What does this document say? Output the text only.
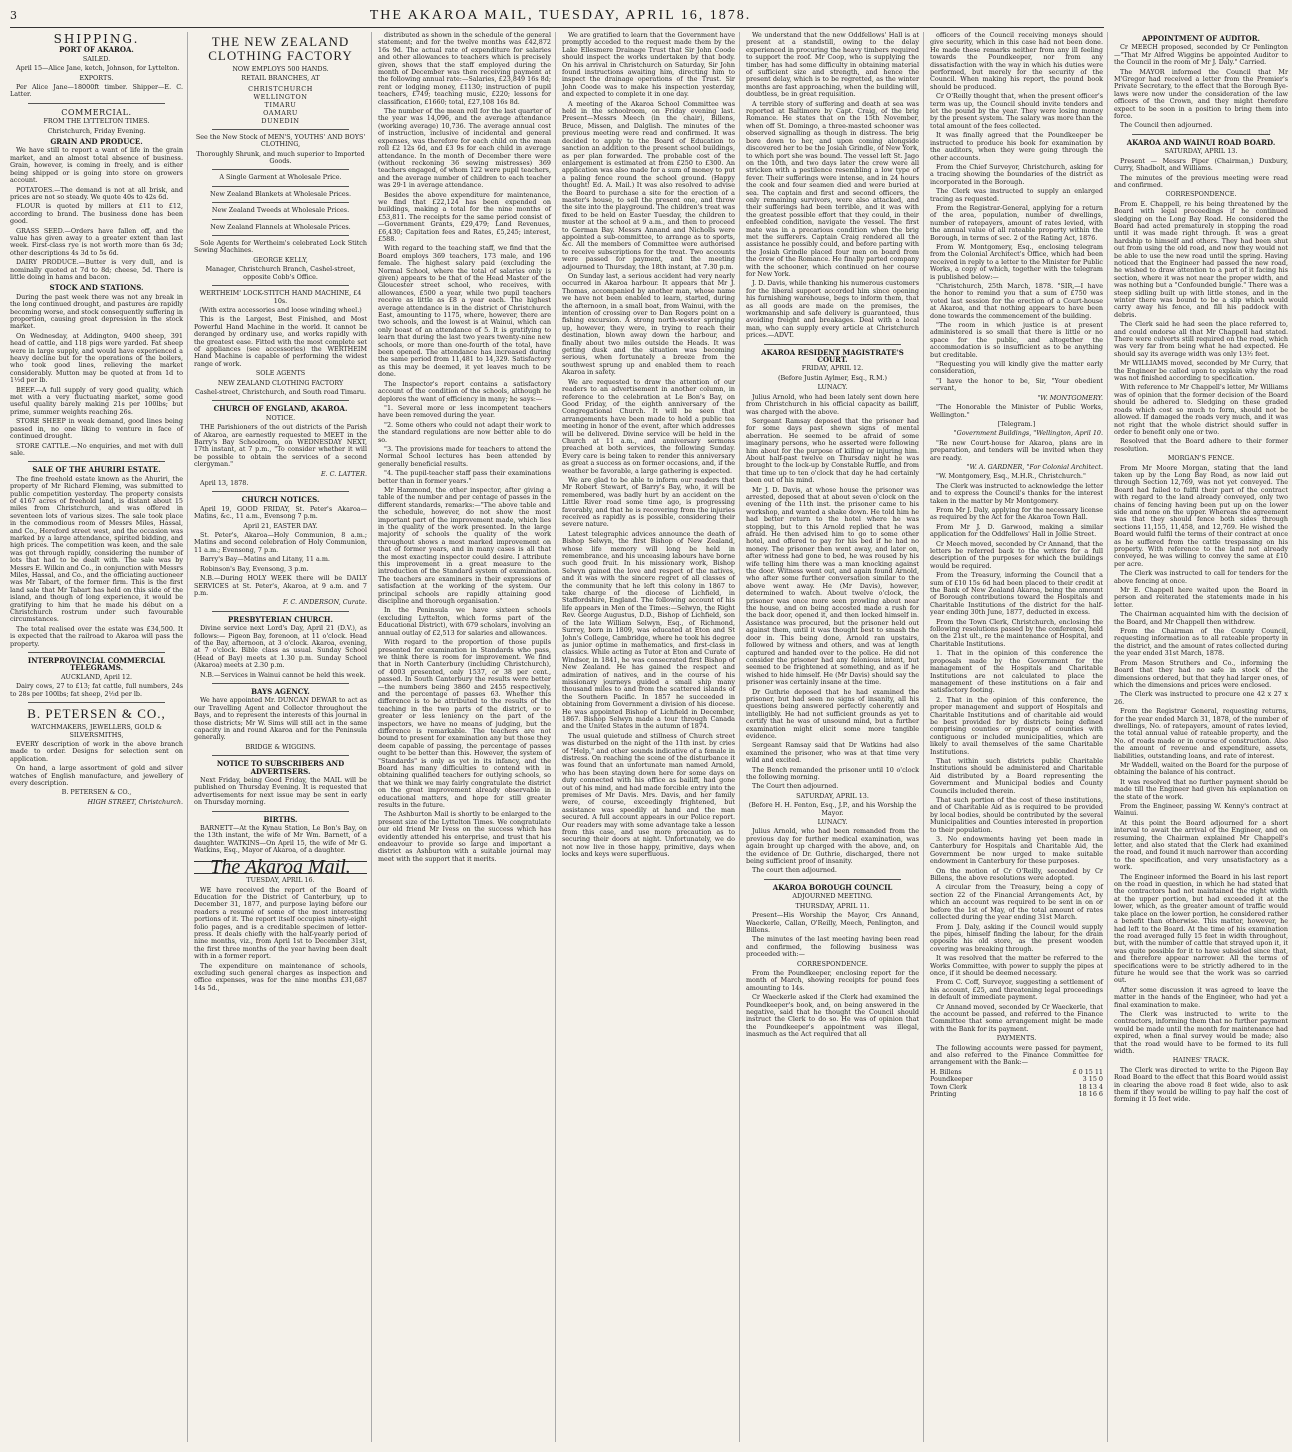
3	THE AKAROA MAIL, TUESDAY, APRIL 16, 1878.
SHIPPING.
PORT OF AKAROA.

SAILED.

April 15—Alice Jane, ketch, Johnson, for Lyttelton.

EXPORTS.

Per Alice Jane—18000ft timber. Shipper—E. C. Latter.

COMMERCIAL.

FROM THE LYTTELTON TIMES.

Christchurch, Friday Evening.

GRAIN AND PRODUCE.

We have still to report a want of life in the grain market, and an almost total absence of business. Grain, however, is coming in freely, and is either being shipped or is going into store on growers account.

POTATOES.—The demand is not at all brisk, and prices are not so steady. We quote 40s to 42s 6d.

FLOUR is quoted by millers at £11 to £12, according to brand. The business done has been good.

GRASS SEED.—Orders have fallen off, and the value has given away to a greater extent than last week. First-class rye is not worth more than 6s 3d; other descriptions 4s 3d to 5s 6d.

DAIRY PRODUCE.—Butter is very dull, and is nominally quoted at 7d to 8d; cheese, 5d. There is little doing in hams and bacon.

STOCK AND STATIONS.

During the past week there was not any break in the long continued drought, and pastures are rapidly becoming worse, and stock consequently suffering in proportion, causing great depression in the stock market.

On Wednesday, at Addington, 9400 sheep, 391 head of cattle, and 118 pigs were yarded. Fat sheep were in large supply, and would have experienced a heavy decline but for the operations of the boilers, who took good lines, relieving the market considerably. Mutton may be quoted at from 1d to 1½d per lb.

BEEF.—A full supply of very good quality, which met with a very fluctuating market, some good useful quality barely making 21s per 100lbs; but prime, summer weights reaching 26s.

STORE SHEEP in weak demand, good lines being passed in, no one liking to venture in face of continued drought.

STORE CATTLE.—No enquiries, and met with dull sale.

SALE OF THE AHURIRI ESTATE.

The fine freehold estate known as the Ahuriri, the property of Mr Richard Fleming, was submitted to public competition yesterday. The property consists of 4167 acres of freehold land, is distant about 15 miles from Christchurch, and was offered in seventeen lots of various sizes. The sale took place in the commodious room of Messrs Miles, Hassal, and Co., Hereford street west, and the occasion was marked by a large attendance, spirited bidding, and high prices. The competition was keen, and the sale was got through rapidly, considering the number of lots that had to be dealt with. The sale was by Messrs E. Wilkin and Co., in conjunction with Messrs Miles, Hassal, and Co., and the officiating auctioneer was Mr Tabart, of the former firm. This is the first land sale that Mr Tabart has held on this side of the island, and though of long experience, it would be gratifying to him that he made his début on a Christchurch rostrum under such favourable circumstances.

The total realised over the estate was £34,500. It is expected that the railroad to Akaroa will pass the property.

INTERPROVINCIAL COMMERCIAL TELEGRAMS.

AUCKLAND, April 12.

Dairy cows, 27 to £13; fat cattle, full numbers, 24s to 28s per 100lbs; fat sheep, 2½d per lb.

B. PETERSEN & CO.,

WATCHMAKERS, JEWELLERS, GOLD & SILVERSMITHS,

EVERY description of work in the above branch made to order. Designs for selection sent on application.

On hand, a large assortment of gold and silver watches of English manufacture, and jewellery of every description.

B. PETERSEN & CO.,

HIGH STREET, Christchurch.

THE NEW ZEALAND CLOTHING FACTORY

NOW EMPLOYS 500 HANDS.

RETAIL BRANCHES, AT

CHRISTCHURCH
WELLINGTON
TIMARU
OAMARU
DUNEDIN

See the New Stock of MEN'S, YOUTHS' AND BOYS' CLOTHING,

Thoroughly Shrunk, and much superior to Imported Goods.

A Single Garment at Wholesale Price.

New Zealand Blankets at Wholesale Prices.

New Zealand Tweeds at Wholesale Prices.

New Zealand Flannels at Wholesale Prices.

Sole Agents for Wertheim's celebrated Lock Stitch Sewing Machines.

GEORGE KELLY,

Manager, Christchurch Branch, Cashel-street, opposite Cobb's Office.

WERTHEIM' LOCK-STITCH HAND MACHINE, £4 10s.

(With extra accessories and loose winding wheel.)

This is the Largest, Best Finished, and Most Powerful Hand Machine in the world. It cannot be deranged by ordinary use, and works rapidly with the greatest ease. Fitted with the most complete set of appliances (see accessories) the WERTHEIM Hand Machine is capable of performing the widest range of work.

SOLE AGENTS

NEW ZEALAND CLOTHING FACTORY

Cashel-street, Christchurch, and South road Timaru.

CHURCH OF ENGLAND, AKAROA.

NOTICE.

THE Parishioners of the out districts of the Parish of Akaroa, are earnestly requested to MEET in the Barry's Bay Schoolroom, on WEDNESDAY NEXT, 17th instant, at 7 p.m., "To consider whether it will be possible to obtain the services of a second clergyman."

E. C. LATTER.

April 13, 1878.

CHURCH NOTICES.

April 19, GOOD FRIDAY, St. Peter's Akaroa—Matins, &c., 11 a.m., Evensong 7 p.m.

April 21, EASTER DAY.

St. Peter's, Akaroa—Holy Communion, 8 a.m.; Matins and second celebration of Holy Communion, 11 a.m.; Evensong, 7 p.m.

Barry's Bay—Matins and Litany, 11 a.m.

Robinson's Bay, Evensong, 3 p.m.

N.B.—During HOLY WEEK there will be DAILY SERVICES at St. Peter's, Akaroa, at 9 a.m. and 7 p.m.

F. C. ANDERSON, Curate.

PRESBYTERIAN CHURCH.

Divine service next Lord's Day, April 21 (D.V.), as follows:— Pigeon Bay, forenoon, at 11 o'clock. Head of the Bay, afternoon, at 3 o'clock. Akaroa, evening, at 7 o'clock. Bible class as usual. Sunday School (Head of Bay) meets at 1.30 p.m. Sunday School (Akaroa) meets at 2.30 p.m.

N.B.—Services in Wainui cannot be held this week.

BAYS AGENCY.

We have appointed Mr. DUNCAN DEWAR to act as our Travelling Agent and Collector throughout the Bays, and to represent the interests of this journal in those districts; Mr W. Sims will still act in the same capacity in and round Akaroa and for the Peninsula generally.

BRIDGE & WIGGINS.

NOTICE TO SUBSCRIBERS AND ADVERTISERS.

Next Friday, being Good Friday, the MAIL will be published on Thursday Evening. It is requested that advertisements for next issue may be sent in early on Thursday morning.

BIRTHS.

BARNETT—At the Kynau Station, Le Bon's Bay, on the 13th instant, the wife of Mr Wm. Barnett, of a daughter. WATKINS—On April 15, the wife of Mr G. Watkins, Esq., Mayor of Akaroa, of a daughter.

The Akaroa Mail.

TUESDAY, APRIL 16.

WE have received the report of the Board of Education for the District of Canterbury, up to December 31, 1877, and purpose laying before our readers a resumé of some of the most interesting portions of it. The report itself occupies ninety-eight folio pages, and is a creditable specimen of letter-press. It deals chiefly with the half-yearly period of nine months, viz., from April 1st to December 31st, the first three months of the year having been dealt with in a former report.

The expenditure on maintenance of schools, excluding such general charges as inspection and office expenses, was for the nine months £31,687 14s 5d.,

distributed as shown in the schedule of the general statement; and for the twelve months was £42,872 16s 9d. The actual rate of expenditure for salaries and other allowances to teachers which is precisely given, shows that the staff employed during the month of December was then receiving payment at the following annual rate:—Salaries, £23,849 16s 8d; rent or lodging money, £1130; instruction of pupil teachers, £749; teaching music, £220; lessons for classification, £1660; total, £27,108 16s 8d.

The number of the mean roll for the last quarter of the year was 14,096, and the average attendance (working average) 10,736. The average annual cost of instruction, inclusive of incidental and general expenses, was therefore for each child on the mean roll £2 12s 6d, and £3 9s for each child in average attendance. In the month of December there were (without reckoning 36 sewing mistresses) 369 teachers engaged, of whom 122 were pupil teachers, and the average number of children to each teacher was 29·1 in average attendance.

Besides the above expenditure for maintenance, we find that £22,124 has been expended on buildings, making a total for the nine months of £53,811. The receipts for the same period consist of—Government Grants, £29,479; Land Revenues, £6,430; Capitation fees and Rates, £5,245; interest, £588.

With regard to the teaching staff, we find that the Board employs 369 teachers, 173 male, and 196 female. The highest salary paid (excluding the Normal School, where the total of salaries only is given) appears to be that of the Head Master of the Gloucester street school, who receives, with allowances, £500 a year, while two pupil teachers receive as little as £8 a year each. The highest average attendance is in the district of Christchurch East, amounting to 1175, where, however, there are two schools, and the lowest is at Wainui, which can only boast of an attendance of 5. It is gratifying to learn that during the last two years twenty-nine new schools, or more than one-fourth of the total, have been opened. The attendance has increased during the same period from 11,481 to 14,329. Satisfactory as this may be deemed, it yet leaves much to be done.

The Inspector's report contains a satisfactory account of the condition of the schools, although he deplores the want of efficiency in many; he says:—

"1. Several more or less incompetent teachers have been removed during the year.

"2. Some others who could not adapt their work to the standard regulations are now better able to do so.

"3. The provisions made for teachers to attend the Normal School lectures has been attended by generally beneficial results.

"4. The pupil-teacher staff pass their examinations better than in former years."

Mr Hammond, the other inspector, after giving a table of the number and per centage of passes in the different standards, remarks:—"The above table and the schedule, however, do not show the most important part of the improvement made, which lies in the quality of the work presented. In the large majority of schools the quality of the work throughout shows a most marked improvement on that of former years, and in many cases is all that the most exacting inspector could desire. I attribute this improvement in a great measure to the introduction of the Standard system of examination. The teachers are examiners in their expressions of satisfaction at the working of the system. Our principal schools are rapidly attaining good discipline and thorough organisation."

In the Peninsula we have sixteen schools (excluding Lyttelton, which forms part of the Educational District), with 679 scholars, involving an annual outlay of £2,513 for salaries and allowances.

With regard to the proportion of those pupils presented for examination in Standards who pass, we think there is room for improvement. We find that in North Canterbury (including Christchurch), of 4003 presented, only 1537, or 38 per cent., passed. In South Canterbury the results were better—the numbers being 3860 and 2455 respectively, and the percentage of passes 63. Whether this difference is to be attributed to the results of the teaching in the two parts of the district, or to greater or less leniency on the part of the inspectors, we have no means of judging, but the difference is remarkable. The teachers are not bound to present for examination any but those they deem capable of passing, the percentage of passes ought to be better than this. However, the system of "Standards" is only as yet in its infancy, and the Board has many difficulties to contend with in obtaining qualified teachers for outlying schools, so that we think we may fairly congratulate the district on the great improvement already observable in educational matters, and hope for still greater results in the future.

The Ashburton Mail is shortly to be enlarged to the present size of the Lyttelton Times. We congratulate our old friend Mr Ivess on the success which has evidently attended his enterprise, and trust that his endeavour to provide so large and important a district as Ashburton with a suitable journal may meet with the support that it merits.

We are gratified to learn that the Government have promptly acceded to the request made them by the Lake Ellesmere Drainage Trust that Sir John Coode should inspect the works undertaken by that body. On his arrival in Christchurch on Saturday, Sir John found instructions awaiting him, directing him to inspect the drainage operations of the Trust. Sir John Coode was to make his inspection yesterday, and expected to complete it in one day.

A meeting of the Akaroa School Committee was held in the schoolroom, on Friday evening last. Present—Messrs Meech (in the chair), Billens, Bruce, Missen, and Dalglish. The minutes of the previous meeting were read and confirmed. It was decided to apply to the Board of Education to sanction an addition to the present school buildings, as per plan forwarded. The probable cost of the enlargement is estimated at from £250 to £300. An application was also made for a sum of money to put a paling fence round the school ground. (Happy thought! Ed. A. Mail.) It was also resolved to advise the Board to purchase a site for the erection of a master's house, to sell the present one, and throw the site into the playground. The children's treat was fixed to be held on Easter Tuesday, the children to muster at the school at 9 a.m., and then to proceed to German Bay. Messrs Annand and Nicholls were appointed a sub-committee, to arrange as to sports, &c. All the members of Committee were authorised to receive subscriptions for the treat. Two accounts were passed for payment, and the meeting adjourned to Thursday, the 18th instant, at 7.30 p.m.

On Sunday last, a serious accident had very nearly occurred in Akaroa harbour. It appears that Mr J. Thomas, accompanied by another man, whose name we have not been enabled to learn, started, during the afternoon, in a small boat, from Wainui, with the intention of crossing over to Dan Rogers point on a fishing excursion. A strong north-wester springing up, however, they were, in trying to reach their destination, blown away down the harbour, and finally about two miles outside the Heads. It was getting dusk and the situation was becoming serious, when fortunately a breeze from the southwest sprung up and enabled them to reach Akaroa in safety.

We are requested to draw the attention of our readers to an advertisement in another column, in reference to the celebration at Le Bon's Bay, on Good Friday, of the eighth anniversary of the Congregational Church. It will be seen that arrangements have been made to hold a public tea meeting in honor of the event, after which addresses will be delivered. Divine service will be held in the Church at 11 a.m., and anniversary sermons preached at both services, the following Sunday. Every care is being taken to render this anniversary as great a success as on former occasions, and, if the weather be favorable, a large gathering is expected.

We are glad to be able to inform our readers that Mr Robert Stewart, of Barry's Bay, who, it will be remembered, was badly hurt by an accident on the Little River road some time ago, is progressing favorably, and that he is recovering from the injuries received as rapidly as is possible, considering their severe nature.

Latest telegraphic advices announce the death of Bishop Selwyn, the first Bishop of New Zealand, whose life memory will long be held in remembrance, and his unceasing labours have borne such good fruit. In his missionary work, Bishop Selwyn gained the love and respect of the natives, and it was with the sincere regret of all classes of the community that he left this colony in 1867 to take charge of the diocese of Lichfield, in Staffordshire, England. The following account of his life appears in Men of the Times:—Selwyn, the Right Rev. George Augustus, D.D., Bishop of Lichfield, son of the late William Selwyn, Esq., of Richmond, Surrey, born in 1809, was educated at Eton and St John's College, Cambridge, where he took his degree as junior optime in mathematics, and first-class in classics. While acting as Tutor at Eton and Curate of Windsor, in 1841, he was consecrated first Bishop of New Zealand. He has gained the respect and admiration of natives, and in the course of his missionary journeys guided a small ship many thousand miles to and from the scattered islands of the Southern Pacific. In 1857 he succeeded in obtaining from Government a division of his diocese. He was appointed Bishop of Lichfield in December, 1867. Bishop Selwyn made a tour through Canada and the United States in the autumn of 1874.

The usual quietude and stillness of Church street was disturbed on the night of the 11th inst. by cries of "Help," and other sounds indicative of a female in distress. On reaching the scene of the disturbance it was found that an unfortunate man named Arnold, who has been staying down here for some days on duty connected with his office as bailiff, had gone out of his mind, and had made forcible entry into the premises of Mr Davis. Mrs. Davis, and her family were, of course, exceedingly frightened, but assistance was speedily at hand and the man secured. A full account appears in our Police report. Our readers may with some advantage take a lesson from this case, and use more precaution as to securing their doors at night. Unfortunately, we do not now live in those happy, primitive, days when locks and keys were superfluous.

We understand that the new Oddfellows' Hall is at present at a standstill, owing to the delay experienced in procuring the heavy timbers required to support the roof. Mr Coop, who is supplying the timber, has had some difficulty in obtaining material of sufficient size and strength, and hence the present delay, which is to be regretted, as the winter months are fast approaching, when the building will, doubtless, be in great requisition.

A terrible story of suffering and death at sea was reported at Baltimore by Capt. Craig, of the brig Romance. He states that on the 15th November, when off St. Domingo, a three-masted schooner was observed signalling as though in distress. The brig bore down to her, and upon coming alongside discovered her to be the Josiah Grindle, of New York, to which port she was bound. The vessel left St. Jago on the 10th, and two days later the crew were all stricken with a pestilence resembling a low type of fever. Their sufferings were intense, and in 24 hours the cook and four seamen died and were buried at sea. The captain and first and second officers, the only remaining survivors, were also attacked, and their sufferings had been terrible, and it was with the greatest possible effort that they could, in their enfeebled condition, navigate the vessel. The first mate was in a precarious condition when the brig met the sufferers. Captain Craig rendered all the assistance he possibly could, and before parting with the Josiah Grindle placed four men on board from the crew of the Romance. He finally parted company with the schooner, which continued on her course for New York.

J. D. Davis, while thanking his numerous customers for the liberal support accorded him since opening his furnishing warehouse, begs to inform them, that as all goods are made on the premises, the workmanship and safe delivery is guaranteed, thus avoiding freight and breakages. Deal with a local man, who can supply every article at Christchurch prices.—ADVT.

AKAROA RESIDENT MAGISTRATE'S COURT.

FRIDAY, APRIL 12.

(Before Justin Aylmer, Esq., R.M.)

LUNACY.

Julius Arnold, who had been lately sent down here from Christchurch in his official capacity as bailiff, was charged with the above.

Sergeant Ramsay deposed that the prisoner had for some days past shewn signs of mental aberration. He seemed to be afraid of some imaginary persons, who he asserted were following him about for the purpose of killing or injuring him. About half-past twelve on Thursday night he was brought to the lock-up by Constable Ruffle, and from that time up to ten o'clock that day he had certainly been out of his mind.

Mr J. D. Davis, at whose house the prisoner was arrested, deposed that at about seven o'clock on the evening of the 11th inst. the prisoner came to his workshop, and wanted a shake down. He told him he had better return to the hotel where he was stopping, but to this Arnold replied that he was afraid. He then advised him to go to some other hotel, and offered to pay for his bed if he had no money. The prisoner then went away, and later on, after witness had gone to bed, he was roused by his wife telling him there was a man knocking against the door. Witness went out, and again found Arnold, who after some further conversation similar to the above went away. He (Mr Davis), however, determined to watch. About twelve o'clock, the prisoner was once more seen prowling about near the house, and on being accosted made a rush for the back door, opened it, and then locked himself in. Assistance was procured, but the prisoner held out against them, until it was thought best to smash the door in. This being done, Arnold ran upstairs, followed by witness and others, and was at length captured and handed over to the police. He did not consider the prisoner had any felonious intent, but seemed to be frightened at something, and as if he wished to hide himself. He (Mr Davis) should say the prisoner was certainly insane at the time.

Dr Guthrie deposed that he had examined the prisoner, but had seen no signs of insanity, all his questions being answered perfectly coherently and intelligibly. He had not sufficient grounds as yet to certify that he was of unsound mind, but a further examination might elicit some more tangible evidence.

Sergeant Ramsay said that Dr Watkins had also examined the prisoner, who was at that time very wild and excited.

The Bench remanded the prisoner until 10 o'clock the following morning.

The Court then adjourned.

SATURDAY, APRIL 13.

(Before H. H. Fenton, Esq., J.P., and his Worship the Mayor.

LUNACY.

Julius Arnold, who had been remanded from the previous day for further medical examination, was again brought up charged with the above, and, on the evidence of Dr. Guthrie, discharged, there not being sufficient proof of insanity.

The court then adjourned.

AKAROA BOROUGH COUNCIL

ADJOURNED MEETING.

THURSDAY, APRIL 11.

Present—His Worship the Mayor, Crs Annand, Waeckerle, Callan, O'Reilly, Meech, Penlington, and Billens.

The minutes of the last meeting having been read and confirmed, the following business was proceeded with:—

CORRESPONDENCE.

From the Poundkeeper, enclosing report for the month of March, showing receipts for pound fees amounting to 14s.

Cr Waeckerle asked if the Clerk had examined the Poundkeeper's book, and, on being answered in the negative, said that he thought the Council should instruct the Clerk to do so. He was of opinion that the Poundkeeper's appointment was illegal, inasmuch as the Act required that all

officers of the Council receiving moneys should give security, which in this case had not been done. He made these remarks neither from any ill feeling towards the Poundkeeper, nor from any dissatisfaction with the way in which his duties were performed, but merely for the security of the Council. When making his report, the pound book should be produced.

Cr O'Reilly thought that, when the present officer's term was up, the Council should invite tenders and let the pound by the year. They were losing money by the present system. The salary was more than the total amount of the fees collected.

It was finally agreed that the Poundkeeper be instructed to produce his book for examination by the auditors, when they were going through the other accounts.

From the Chief Surveyor, Christchurch, asking for a tracing showing the boundaries of the district as incorporated in the Borough.

The Clerk was instructed to supply an enlarged tracing as requested.

From the Registrar-General, applying for a return of the area, population, number of dwellings, number of ratepayers, amount of rates levied, with the annual value of all rateable property within the Borough, in terms of sec. 2 of the Rating Act, 1876.

From W. Montgomery, Esq., enclosing telegram from the Colonial Architect's Office, which had been received in reply to a letter to the Minister for Public Works, a copy of which, together with the telegram is published below:—

"Christchurch, 25th March, 1878. "SIR,—I have the honor to remind you that a sum of £750 was voted last session for the erection of a Court-house at Akaroa, and that nothing appears to have been done towards the commencement of the building.

"The room in which justice is at present administered is so small that there is little or no space for the public, and altogether the accommodation is so insufficient as to be anything but creditable.

"Requesting you will kindly give the matter early consideration,

"I have the honor to be, Sir, "Your obedient servant,

"W. MONTGOMERY.

"The Honorable the Minister of Public Works, Wellington."

[Telegram.]

"Government Buildings, "Wellington, April 10.

"Re new Court-house for Akaroa, plans are in preparation, and tenders will be invited when they are ready.

"W. A. GARDNER, "For Colonial Architect.

"W. Montgomery, Esq., M.H.R., Christchurch."

The Clerk was instructed to acknowledge the letter and to express the Council's thanks for the interest taken in the matter by Mr Montgomery.

From Mr J. Daly, applying for the necessary license as required by the Act for the Akaroa Town Hall.

From Mr J. D. Garwood, making a similar application for the Oddfellows' Hall in Jollie Street.

Cr Meech moved, seconded by Cr Annand, that the letters be referred back to the writers for a full description of the purposes for which the buildings would be required.

From the Treasury, informing the Council that a sum of £10 15s 6d had been placed to their credit at the Bank of New Zealand Akaroa, being the amount of Borough contributions toward the Hospitals and Charitable Institutions of the district for the half-year ending 30th June, 1877, deducted in excess.

From the Town Clerk, Christchurch, enclosing the following resolutions passed by the conference, held on the 21st ult., re the maintenance of Hospital, and Charitable Institutions.

1. That in the opinion of this conference the proposals made by the Government for the management of the Hospitals and Charitable Institutions are not calculated to place the management of these institutions on a fair and satisfactory footing.

2. That in the opinion of this conference, the proper management and support of Hospitals and Charitable Institutions and of charitable aid would be best provided for by districts being defined comprising counties or groups of counties with contiguous or included municipalities, which are likely to avail themselves of the same Charitable Institutions.

That within such districts public Charitable Institutions should be administered and Charitable Aid distributed by a Board representing the Government and Municipal bodies and County Councils included therein.

That such portion of the cost of these institutions, and of Charitable Aid as is required to be provided by local bodies, should be contributed by the several Municipalities and Counties interested in proportion to their population.

3. No endowments having yet been made in Canterbury for Hospitals and Charitable Aid, the Government be now urged to make suitable endowment in Canterbury for these purposes.

On the motion of Cr O'Reilly, seconded by Cr Billens, the above resolutions were adopted.

A circular from the Treasury, being a copy of section 22 of the Financial Arrangements Act, by which an account was required to be sent in on or before the 1st of May, of the total amount of rates collected during the year ending 31st March.

From J. Daly, asking if the Council would supply the pipes, himself finding the labour, for the drain opposite his old store, as the present wooden covering was breaking through.

It was resolved that the matter be referred to the Works Committee, with power to supply the pipes at once, if it should be deemed necessary.

From C. Coff, Surveyor, suggesting a settlement of his account, £25, and threatening legal proceedings in default of immediate payment.

Cr Annand moved, seconded by Cr Waeckerle, that the account be passed, and referred to the Finance Committee that some arrangement might be made with the Bank for its payment.

PAYMENTS.

The following accounts were passed for payment, and also referred to the Finance Committee for arrangement with the Bank:—

H. Billens	£ 0 15 11
Poundkeeper	3 15 0
Town Clerk	18 13 4
Printing	18 16 6
APPOINTMENT OF AUDITOR.

Cr MEECH proposed, seconded by Cr Penlington—"That Mr Alfred Wiggins be appointed Auditor to the Council in the room of Mr J. Daly." Carried.

The MAYOR informed the Council that Mr M'Gregor had received a letter from the Premier's Private Secretary, to the effect that the Borough Bye-laws were now under the consideration of the law officers of the Crown, and they might therefore expect to be soon in a position to bring them into force.

The Council then adjourned.

AKAROA AND WAINUI ROAD BOARD.

SATURDAY, APRIL 13.

Present — Messrs Piper (Chairman,) Duxbury, Curry, Shadbolt, and Williams.

The minutes of the previous meeting were read and confirmed.

CORRESPONDENCE.

From E. Chappell, re his being threatened by the Board with legal proceedings if he continued sledging on the Long Bay Road. He considered the Board had acted prematurely in stopping the road until it was made right through. It was a great hardship to himself and others. They had been shut out from using the old road, and now they would not be able to use the new road until the spring. Having noticed that the Engineer had passed the new road, he wished to draw attention to a part of it facing his section, where it was not near the proper width, and was nothing but a "Confounded bungle." There was a steep sidling built up with little stones, and in the winter there was bound to be a slip which would carry away his fence, and fill his paddock with debris.

The Clerk said he had seen the place referred to, and could endorse all that Mr Chappell had stated. There were culverts still required on the road, which was very far from being what he had expected. He should say its average width was only 13½ feet.

Mr WILLIAMS moved, seconded by Mr Curry, that the Engineer be called upon to explain why the road was not finished according to specification.

With reference to Mr Chappell's letter, Mr Williams was of opinion that the former decision of the Board should be adhered to. Sledging on these graded roads which cost so much to form, should not be allowed. If damaged the roads very much, and it was not right that the whole district should suffer in order to benefit only one or two.

Resolved that the Board adhere to their former resolution.

MORGAN'S FENCE.

From Mr Moore Morgan, stating that the land taken up by the Long Bay Road, as now laid out through Section 12,769, was not yet conveyed. The Board had failed to fulfil their part of the contract with regard to the land already conveyed, only two chains of fencing having been put up on the lower side and none on the upper. Whereas the agreement was that they should fence both sides through sections 11,155, 11,458, and 12,769. He wished the Board would fulfil the terms of their contract at once as he suffered from the cattle trespassing on his property. With reference to the land not already conveyed, he was willing to convey the same at £10 per acre.

The Clerk was instructed to call for tenders for the above fencing at once.

Mr E. Chappell here waited upon the Board in person and reiterated the statements made in his letter.

The Chairman acquainted him with the decision of the Board, and Mr Chappell then withdrew.

From the Chairman of the County Council, requesting information as to all rateable property in the district, and the amount of rates collected during the year ended 31st March, 1878.

From Mason Struthers and Co., informing the Board that they had no safe in stock of the dimensions ordered, but that they had larger ones, of which the dimensions and prices were enclosed.

The Clerk was instructed to procure one 42 x 27 x 26.

From the Registrar General, requesting returns, for the year ended March 31, 1878, of the number of dwellings, No. of ratepayers, amount of rates levied, the total annual value of rateable property, and the No. of roads made or in course of construction. Also the amount of revenue and expenditure, assets, liabilities, outstanding loans, and rate of interest.

Mr Waddell, waited on the Board for the purpose of obtaining the balance of his contract.

It was resolved that no further payment should be made till the Engineer had given his explanation on the state of the work.

From the Engineer, passing W. Kenny's contract at Wainui.

At this point the Board adjourned for a short interval to await the arrival of the Engineer, and on resuming, the Chairman explained Mr Chappell's letter, and also stated that the Clerk had examined the road, and found it much narrower than according to the specification, and very unsatisfactory as a work.

The Engineer informed the Board in his last report on the road in question, in which he had stated that the contractors had not maintained the right width at the upper portion, but had exceeded it at the lower, which, as the greater amount of traffic would take place on the lower portion, he considered rather a benefit than otherwise. This matter, however, he had left to the Board. At the time of his examination the road averaged fully 15 feet in width throughout, but, with the number of cattle that strayed upon it, it was quite possible for it to have subsided since that, and therefore appear narrower. All the terms of specifications were to be strictly adhered to in the future he would see that the work was so carried out.

After some discussion it was agreed to leave the matter in the hands of the Engineer, who had yet a final examination to make.

The Clerk was instructed to write to the contractors, informing them that no further payment would be made until the month for maintenance had expired, when a final survey would be made; also that the road would have to be formed to its full width.

HAINES' TRACK.

The Clerk was directed to write to the Pigeon Bay Road Board to the effect that this Board would assist in clearing the above road 8 feet wide, also to ask them if they would be willing to pay half the cost of forming it 15 feet wide.
